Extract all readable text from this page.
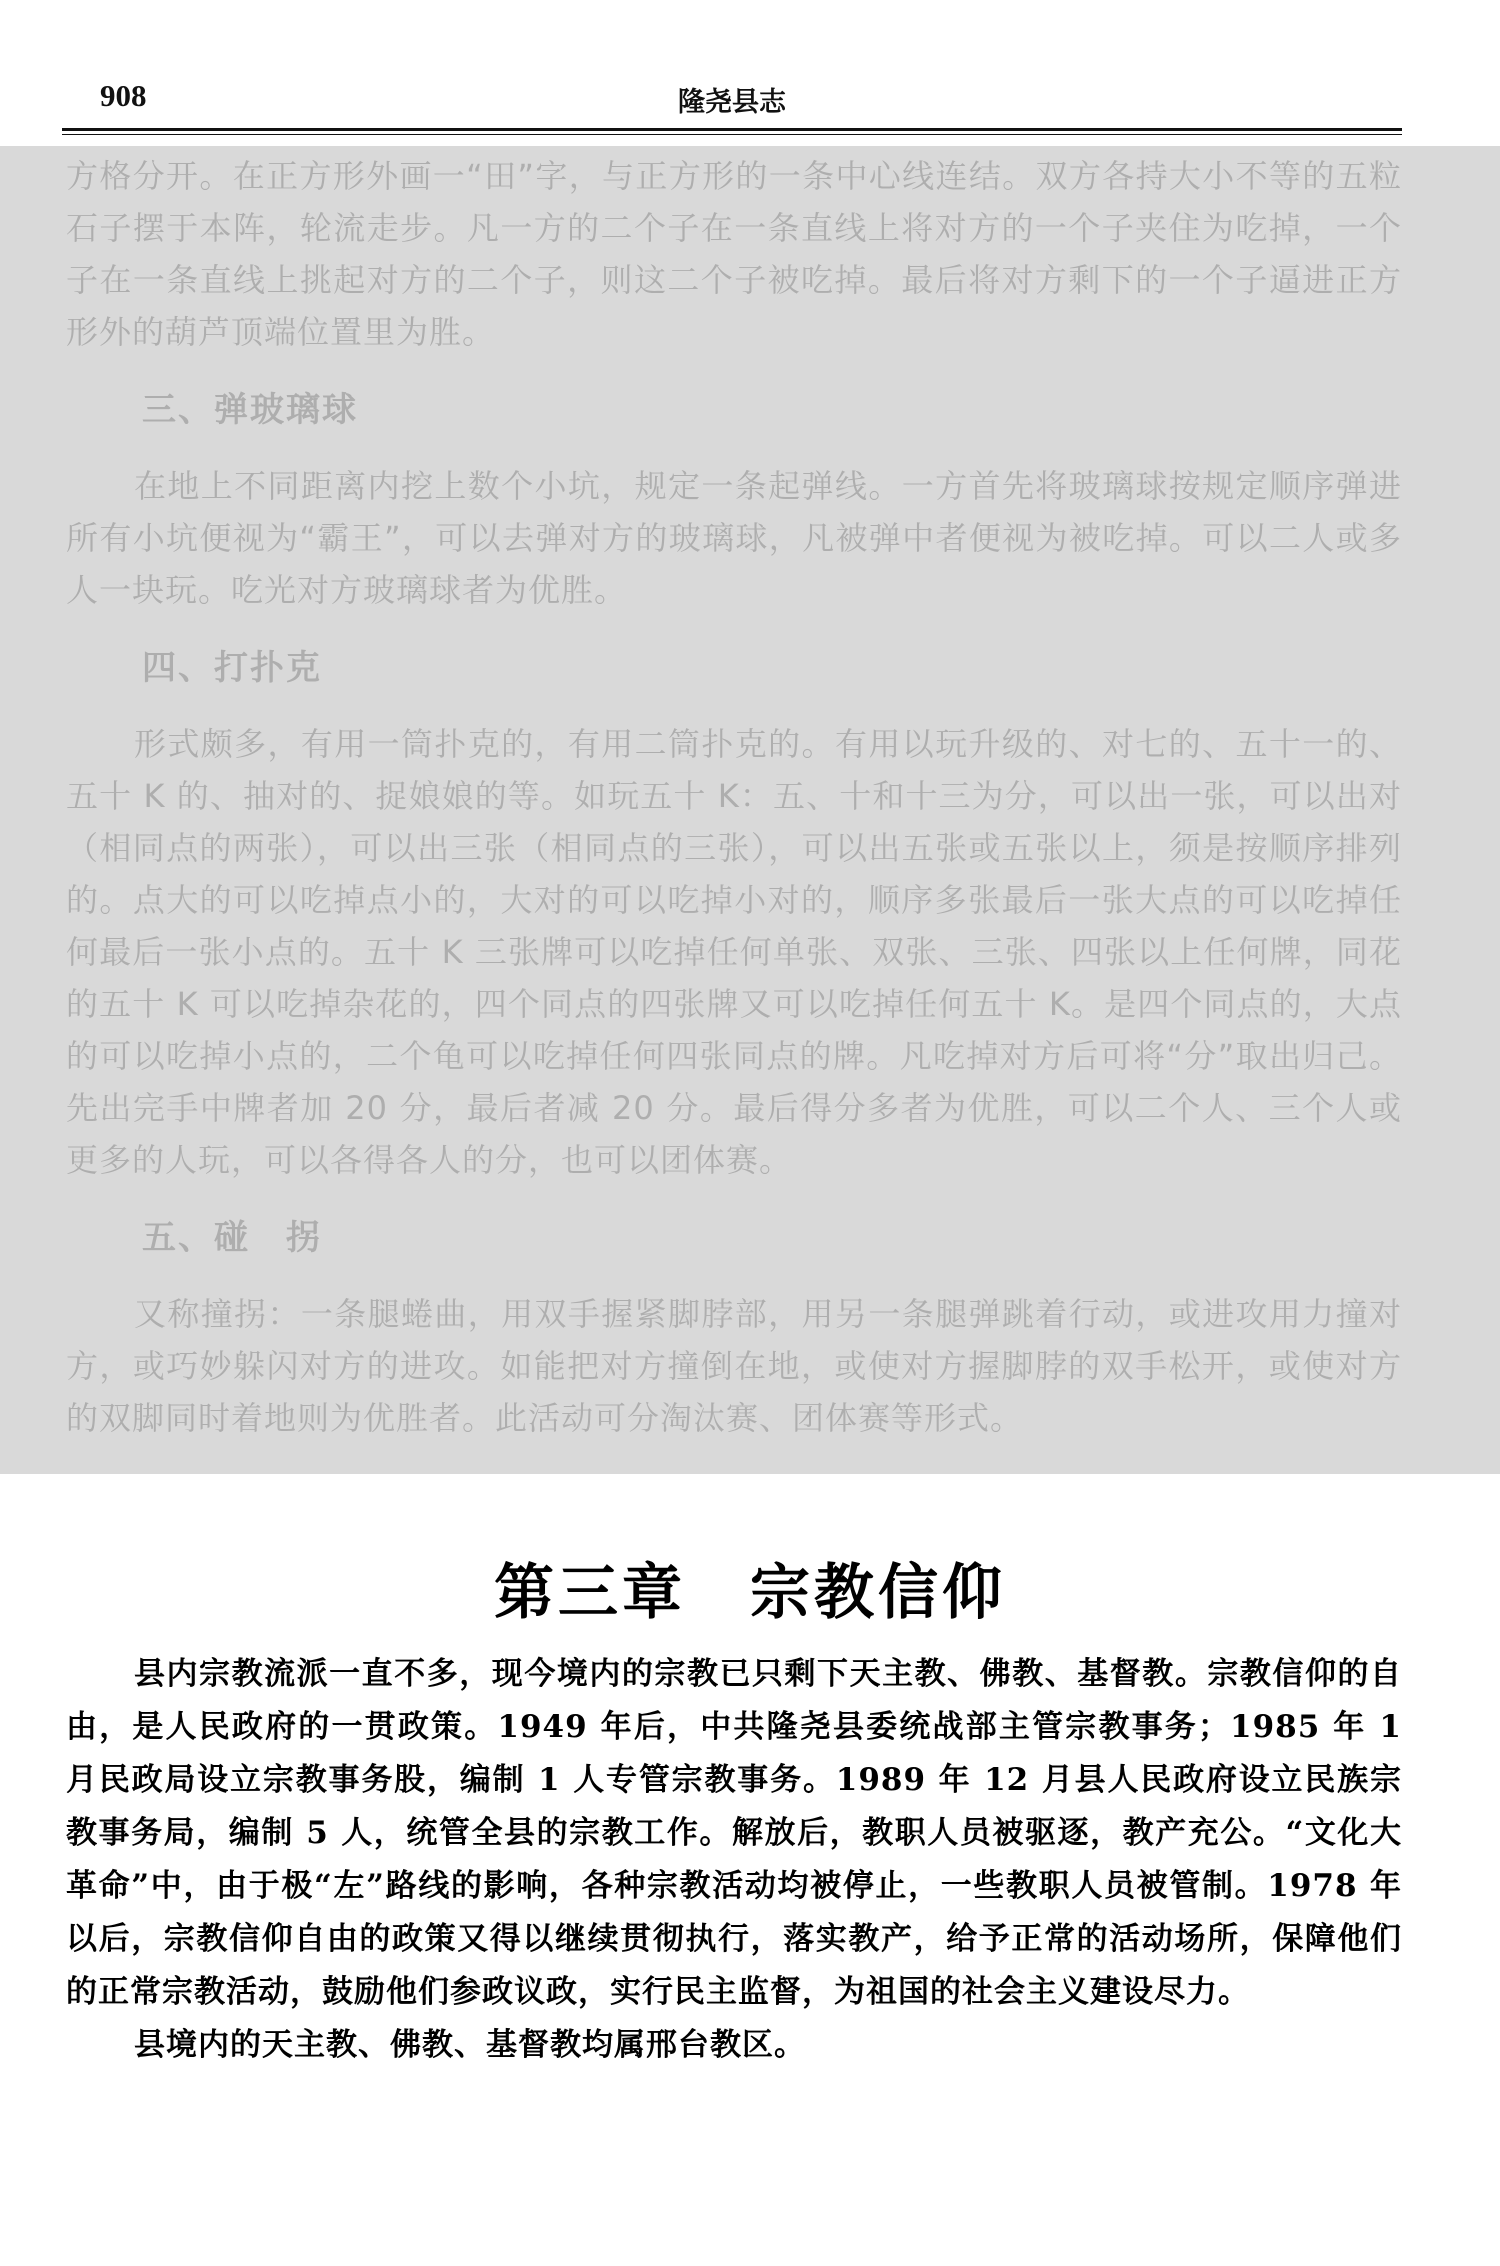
908	隆尧县志

方格分开。在正方形外画一“田”字，与正方形的一条中心线连结。双方各持大小不等的五粒石子摆于本阵，轮流走步。凡一方的二个子在一条直线上将对方的一个子夹住为吃掉，一个子在一条直线上挑起对方的二个子，则这二个子被吃掉。最后将对方剩下的一个子逼进正方形外的葫芦顶端位置里为胜。

三、弹玻璃球

在地上不同距离内挖上数个小坑，规定一条起弹线。一方首先将玻璃球按规定顺序弹进所有小坑便视为“霸王”，可以去弹对方的玻璃球，凡被弹中者便视为被吃掉。可以二人或多人一块玩。吃光对方玻璃球者为优胜。

四、打扑克

形式颇多，有用一筒扑克的，有用二筒扑克的。有用以玩升级的、对七的、五十一的、五十 K 的、抽对的、捉娘娘的等。如玩五十 K：五、十和十三为分，可以出一张，可以出对（相同点的两张），可以出三张（相同点的三张），可以出五张或五张以上，须是按顺序排列的。点大的可以吃掉点小的，大对的可以吃掉小对的，顺序多张最后一张大点的可以吃掉任何最后一张小点的。五十 K 三张牌可以吃掉任何单张、双张、三张、四张以上任何牌，同花的五十 K 可以吃掉杂花的，四个同点的四张牌又可以吃掉任何五十 K。是四个同点的，大点的可以吃掉小点的，二个龟可以吃掉任何四张同点的牌。凡吃掉对方后可将“分”取出归己。先出完手中牌者加 20 分，最后者减 20 分。最后得分多者为优胜，可以二个人、三个人或更多的人玩，可以各得各人的分，也可以团体赛。

五、碰　拐

又称撞拐：一条腿蜷曲，用双手握紧脚脖部，用另一条腿弹跳着行动，或进攻用力撞对方，或巧妙躲闪对方的进攻。如能把对方撞倒在地，或使对方握脚脖的双手松开，或使对方的双脚同时着地则为优胜者。此活动可分淘汰赛、团体赛等形式。

第三章　宗教信仰

县内宗教流派一直不多，现今境内的宗教已只剩下天主教、佛教、基督教。宗教信仰的自由，是人民政府的一贯政策。1949 年后，中共隆尧县委统战部主管宗教事务；1985 年 1 月民政局设立宗教事务股，编制 1 人专管宗教事务。1989 年 12 月县人民政府设立民族宗教事务局，编制 5 人，统管全县的宗教工作。解放后，教职人员被驱逐，教产充公。“文化大革命”中，由于极“左”路线的影响，各种宗教活动均被停止，一些教职人员被管制。1978 年以后，宗教信仰自由的政策又得以继续贯彻执行，落实教产，给予正常的活动场所，保障他们的正常宗教活动，鼓励他们参政议政，实行民主监督，为祖国的社会主义建设尽力。

县境内的天主教、佛教、基督教均属邢台教区。
